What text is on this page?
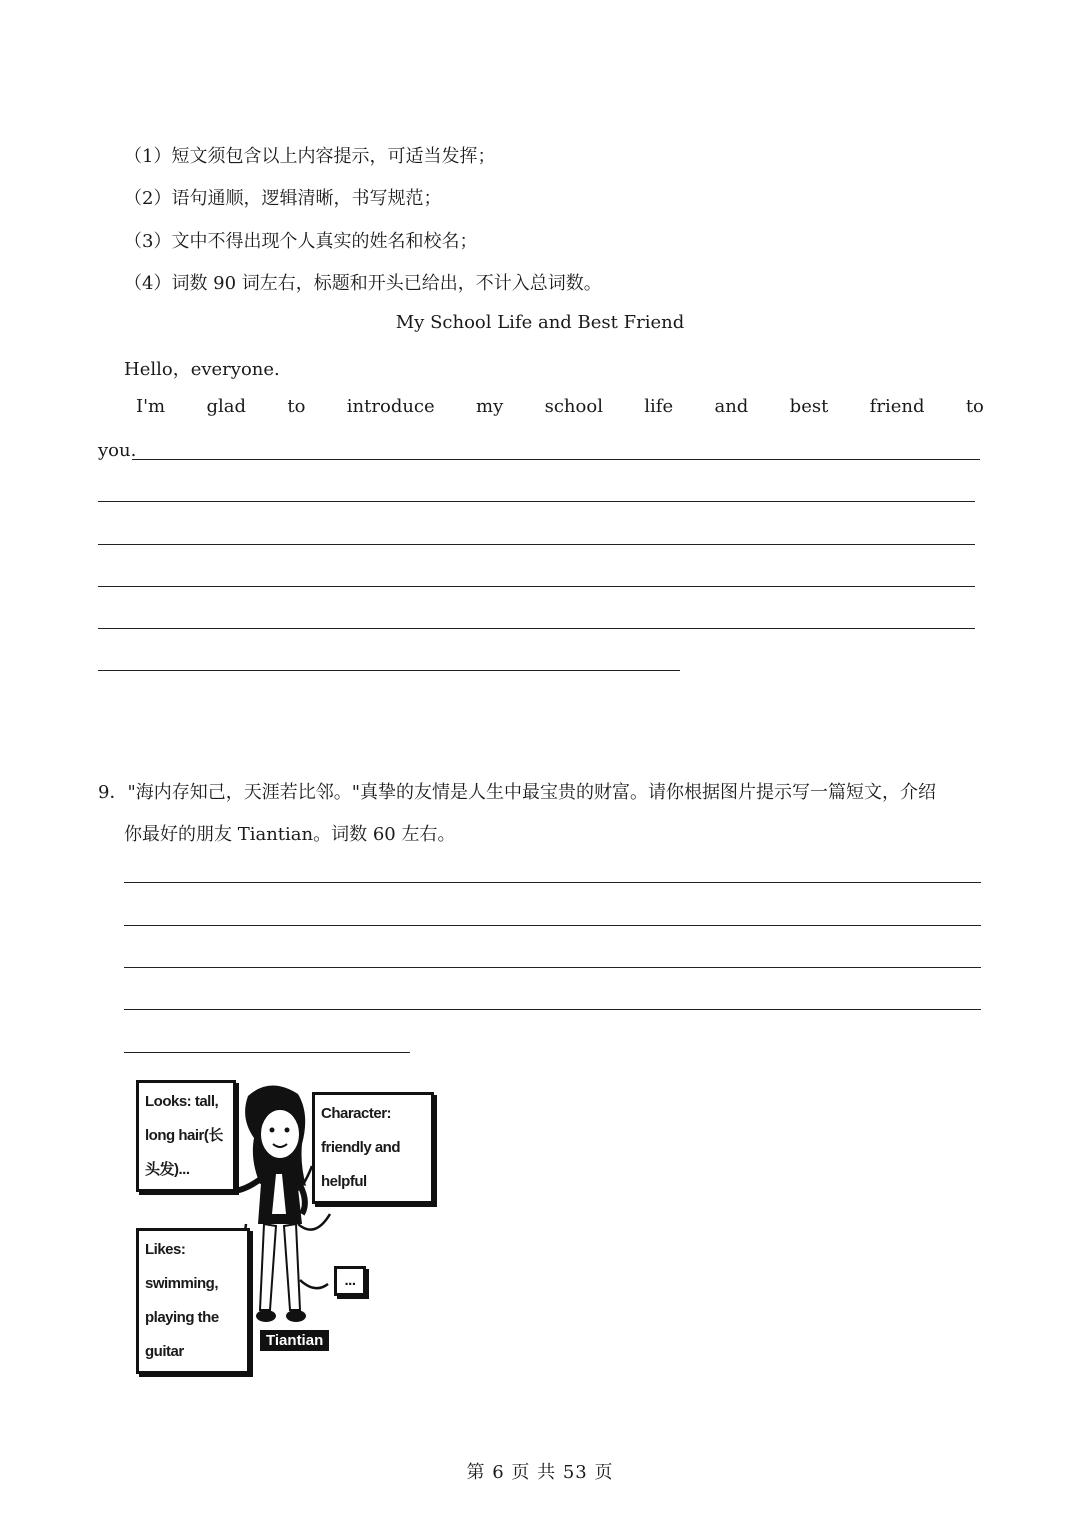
（1）短文须包含以上内容提示，可适当发挥；
（2）语句通顺，逻辑清晰，书写规范；
（3）文中不得出现个人真实的姓名和校名；
（4）词数 90 词左右，标题和开头已给出，不计入总词数。
My School Life and Best Friend
Hello，everyone.
I'm glad to introduce my school life and best friend to
you.
9．"海内存知己，天涯若比邻。"真挚的友情是人生中最宝贵的财富。请你根据图片提示写一篇短文，介绍
你最好的朋友 Tiantian。词数 60 左右。
Looks: tall,
long hair(长头发)...
Character:
friendly and helpful
Likes:
swimming,
playing the guitar
...
Tiantian
第 6 页 共 53 页
